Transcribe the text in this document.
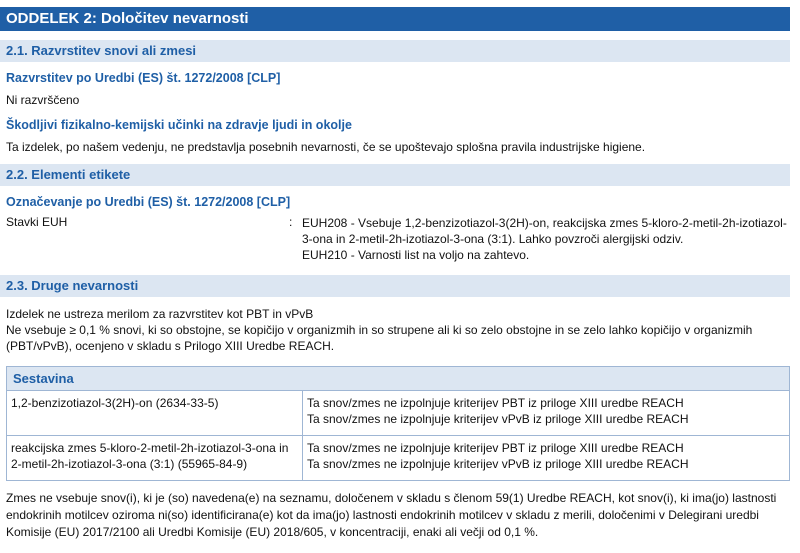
ODDELEK 2: Določitev nevarnosti
2.1. Razvrstitev snovi ali zmesi
Razvrstitev po Uredbi (ES) št. 1272/2008 [CLP]
Ni razvrščeno
Škodljivi fizikalno-kemijski učinki na zdravje ljudi in okolje
Ta izdelek, po našem vedenju, ne predstavlja posebnih nevarnosti, če se upoštevajo splošna pravila industrijske higiene.
2.2. Elementi etikete
Označevanje po Uredbi (ES) št. 1272/2008 [CLP]
Stavki EUH	: EUH208 - Vsebuje 1,2-benzizotiazol-3(2H)-on, reakcijska zmes 5-kloro-2-metil-2h-izotiazol-
3-ona in 2-metil-2h-izotiazol-3-ona (3:1). Lahko povzroči alergijski odziv.
EUH210 - Varnosti list na voljo na zahtevo.
2.3. Druge nevarnosti
Izdelek ne ustreza merilom za razvrstitev kot PBT in vPvB
Ne vsebuje ≥ 0,1 % snovi, ki so obstojne, se kopičijo v organizmih in so strupene ali ki so zelo obstojne in se zelo lahko kopičijo v organizmih
(PBT/vPvB), ocenjeno v skladu s Prilogo XIII Uredbe REACH.
Sestavina	

1,2-benzizotiazol-3(2H)-on (2634-33-5)	Ta snov/zmes ne izpolnjuje kriterijev PBT iz priloge XIII uredbe REACH
Ta snov/zmes ne izpolnjuje kriterijev vPvB iz priloge XIII uredbe REACH

reakcijska zmes 5-kloro-2-metil-2h-izotiazol-3-ona in
2-metil-2h-izotiazol-3-ona (3:1) (55965-84-9)	Ta snov/zmes ne izpolnjuje kriterijev PBT iz priloge XIII uredbe REACH
Ta snov/zmes ne izpolnjuje kriterijev vPvB iz priloge XIII uredbe REACH
Zmes ne vsebuje snov(i), ki je (so) navedena(e) na seznamu, določenem v skladu s členom 59(1) Uredbe REACH, kot snov(i), ki ima(jo) lastnosti
endokrinih motilcev oziroma ni(so) identificirana(e) kot da ima(jo) lastnosti endokrinih motilcev v skladu z merili, določenimi v Delegirani uredbi
Komisije (EU) 2017/2100 ali Uredbi Komisije (EU) 2018/605, v koncentraciji, enaki ali večji od 0,1 %.
